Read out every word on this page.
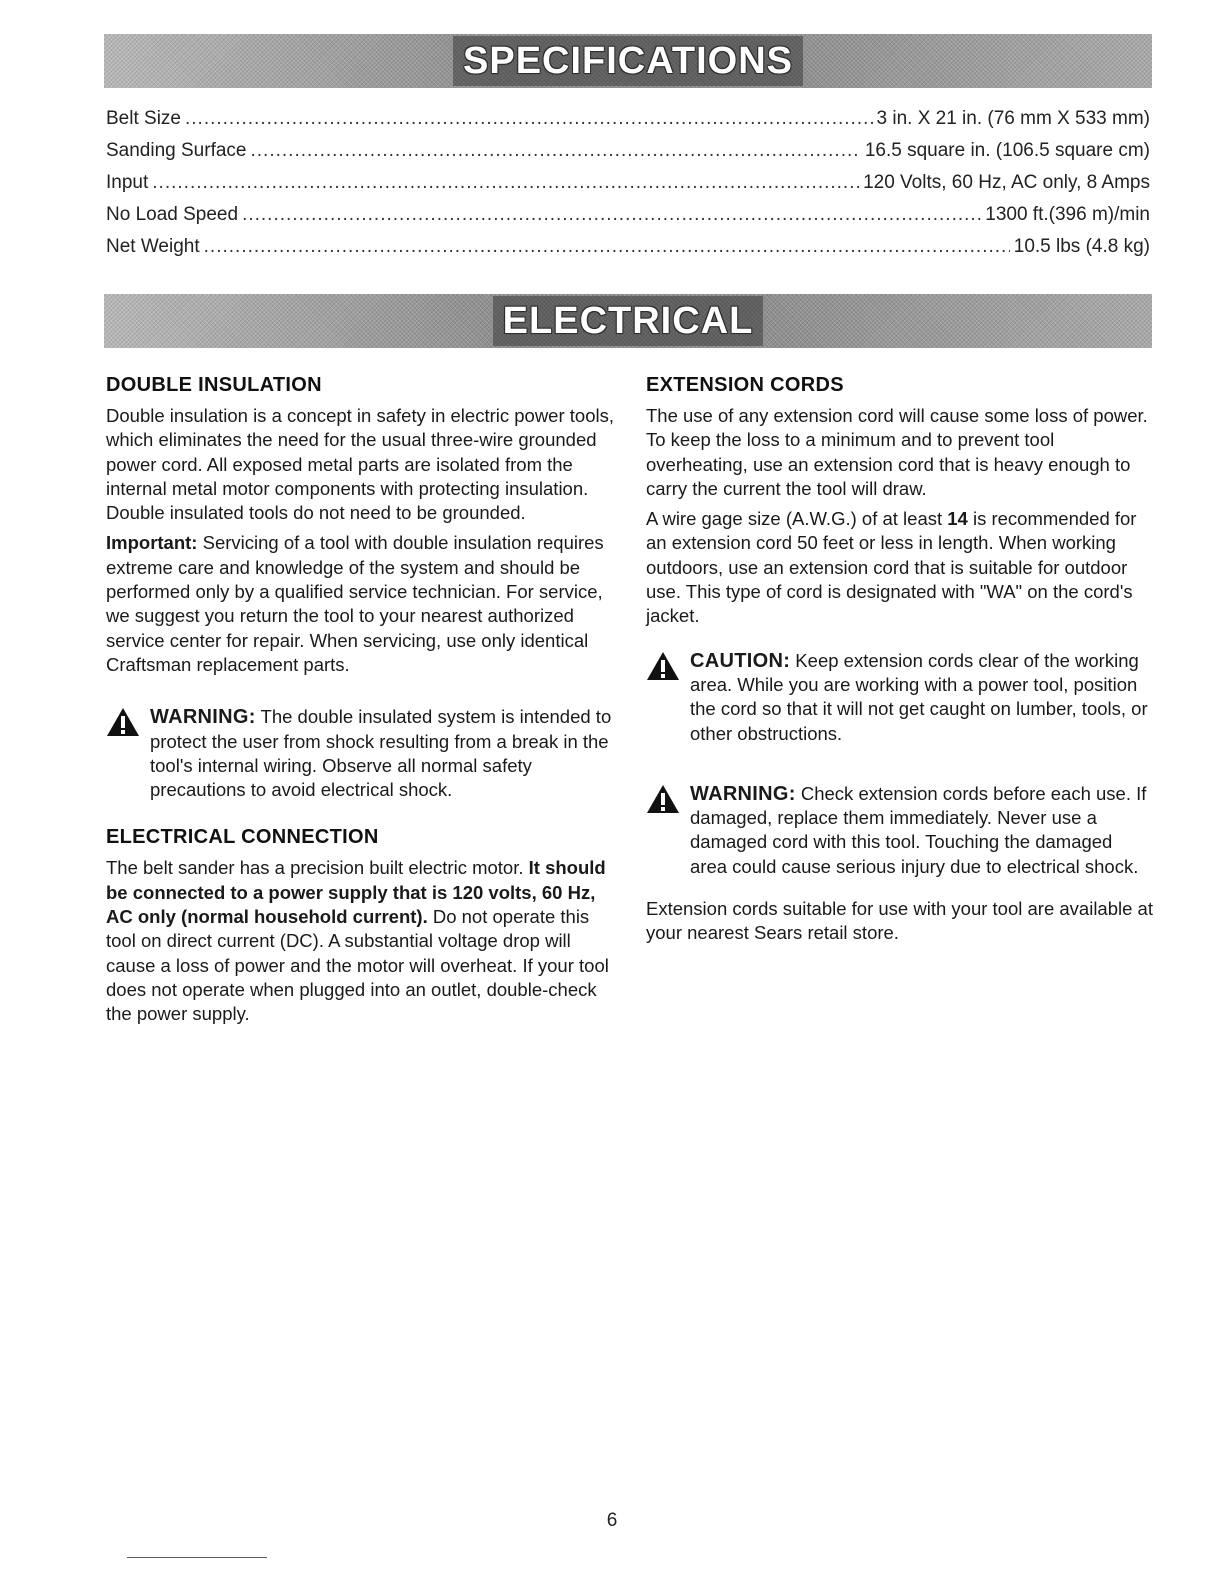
SPECIFICATIONS
Belt Size .....	3 in. X 21 in. (76 mm X 533 mm)
Sanding Surface .....	16.5 square in. (106.5 square cm)
Input .....	120 Volts, 60 Hz, AC only, 8 Amps
No Load Speed .....	1300 ft.(396 m)/min
Net Weight .....	10.5 lbs (4.8 kg)
ELECTRICAL
DOUBLE INSULATION

Double insulation is a concept in safety in electric power tools, which eliminates the need for the usual three-wire grounded power cord. All exposed metal parts are isolated from the internal metal motor components with protecting insulation. Double insulated tools do not need to be grounded.

Important: Servicing of a tool with double insulation requires extreme care and knowledge of the system and should be performed only by a qualified service technician. For service, we suggest you return the tool to your nearest authorized service center for repair. When servicing, use only identical Craftsman replacement parts.

WARNING: The double insulated system is intended to protect the user from shock resulting from a break in the tool's internal wiring. Observe all normal safety precautions to avoid electrical shock.
ELECTRICAL CONNECTION

The belt sander has a precision built electric motor. It should be connected to a power supply that is 120 volts, 60 Hz, AC only (normal household current). Do not operate this tool on direct current (DC). A substantial voltage drop will cause a loss of power and the motor will overheat. If your tool does not operate when plugged into an outlet, double-check the power supply.

EXTENSION CORDS

The use of any extension cord will cause some loss of power. To keep the loss to a minimum and to prevent tool overheating, use an extension cord that is heavy enough to carry the current the tool will draw.

A wire gage size (A.W.G.) of at least 14 is recommended for an extension cord 50 feet or less in length. When working outdoors, use an extension cord that is suitable for outdoor use. This type of cord is designated with "WA" on the cord's jacket.

CAUTION: Keep extension cords clear of the working area. While you are working with a power tool, position the cord so that it will not get caught on lumber, tools, or other obstructions.
WARNING: Check extension cords before each use. If damaged, replace them immediately. Never use a damaged cord with this tool. Touching the damaged area could cause serious injury due to electrical shock.

Extension cords suitable for use with your tool are available at your nearest Sears retail store.

6
